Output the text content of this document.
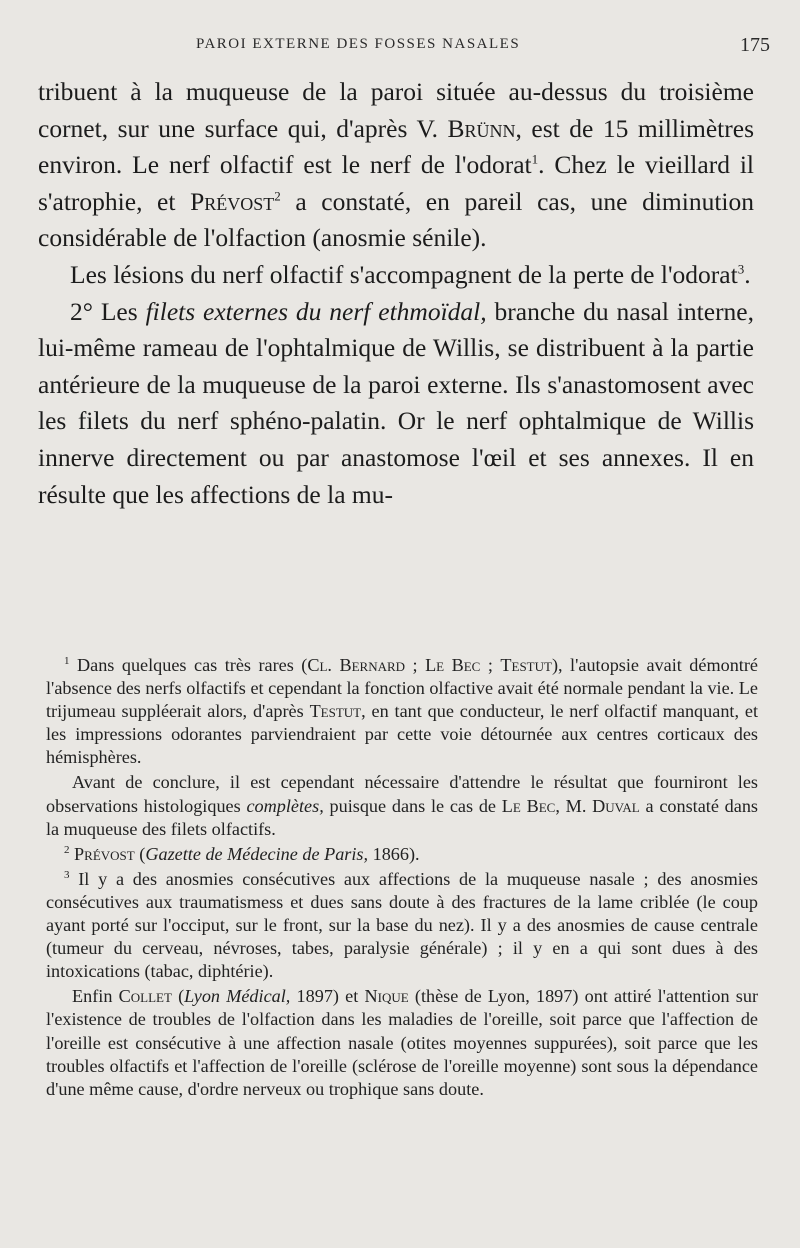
PAROI EXTERNE DES FOSSES NASALES	175

tribuent à la muqueuse de la paroi située au-dessus du troisième cornet, sur une surface qui, d'après V. Brünn, est de 15 millimètres environ. Le nerf olfactif est le nerf de l'odorat$^1$. Chez le vieillard il s'atrophie, et Prévost$^2$ a constaté, en pareil cas, une diminution considérable de l'olfaction (anosmie sénile).

Les lésions du nerf olfactif s'accompagnent de la perte de l'odorat$^3$.

2° Les filets externes du nerf ethmoïdal, branche du nasal interne, lui-même rameau de l'ophtalmique de Willis, se distribuent à la partie antérieure de la muqueuse de la paroi externe. Ils s'anastomosent avec les filets du nerf sphéno-palatin. Or le nerf ophtalmique de Willis innerve directement ou par anastomose l'œil et ses annexes. Il en résulte que les affections de la mu-

$^1$ Dans quelques cas très rares (Cl. Bernard ; Le Bec ; Testut), l'autopsie avait démontré l'absence des nerfs olfactifs et cependant la fonction olfactive avait été normale pendant la vie. Le trijumeau suppléerait alors, d'après Testut, en tant que conducteur, le nerf olfactif manquant, et les impressions odorantes parviendraient par cette voie détournée aux centres corticaux des hémisphères.

Avant de conclure, il est cependant nécessaire d'attendre le résultat que fourniront les observations histologiques complètes, puisque dans le cas de Le Bec, M. Duval a constaté dans la muqueuse des filets olfactifs.

$^2$ Prévost (Gazette de Médecine de Paris, 1866).

$^3$ Il y a des anosmies consécutives aux affections de la muqueuse nasale ; des anosmies consécutives aux traumatismess et dues sans doute à des fractures de la lame criblée (le coup ayant porté sur l'occiput, sur le front, sur la base du nez). Il y a des anosmies de cause centrale (tumeur du cerveau, névroses, tabes, paralysie générale) ; il y en a qui sont dues à des intoxications (tabac, diphtérie).

Enfin Collet (Lyon Médical, 1897) et Nique (thèse de Lyon, 1897) ont attiré l'attention sur l'existence de troubles de l'olfaction dans les maladies de l'oreille, soit parce que l'affection de l'oreille est consécutive à une affection nasale (otites moyennes suppurées), soit parce que les troubles olfactifs et l'affection de l'oreille (sclérose de l'oreille moyenne) sont sous la dépendance d'une même cause, d'ordre nerveux ou trophique sans doute.
